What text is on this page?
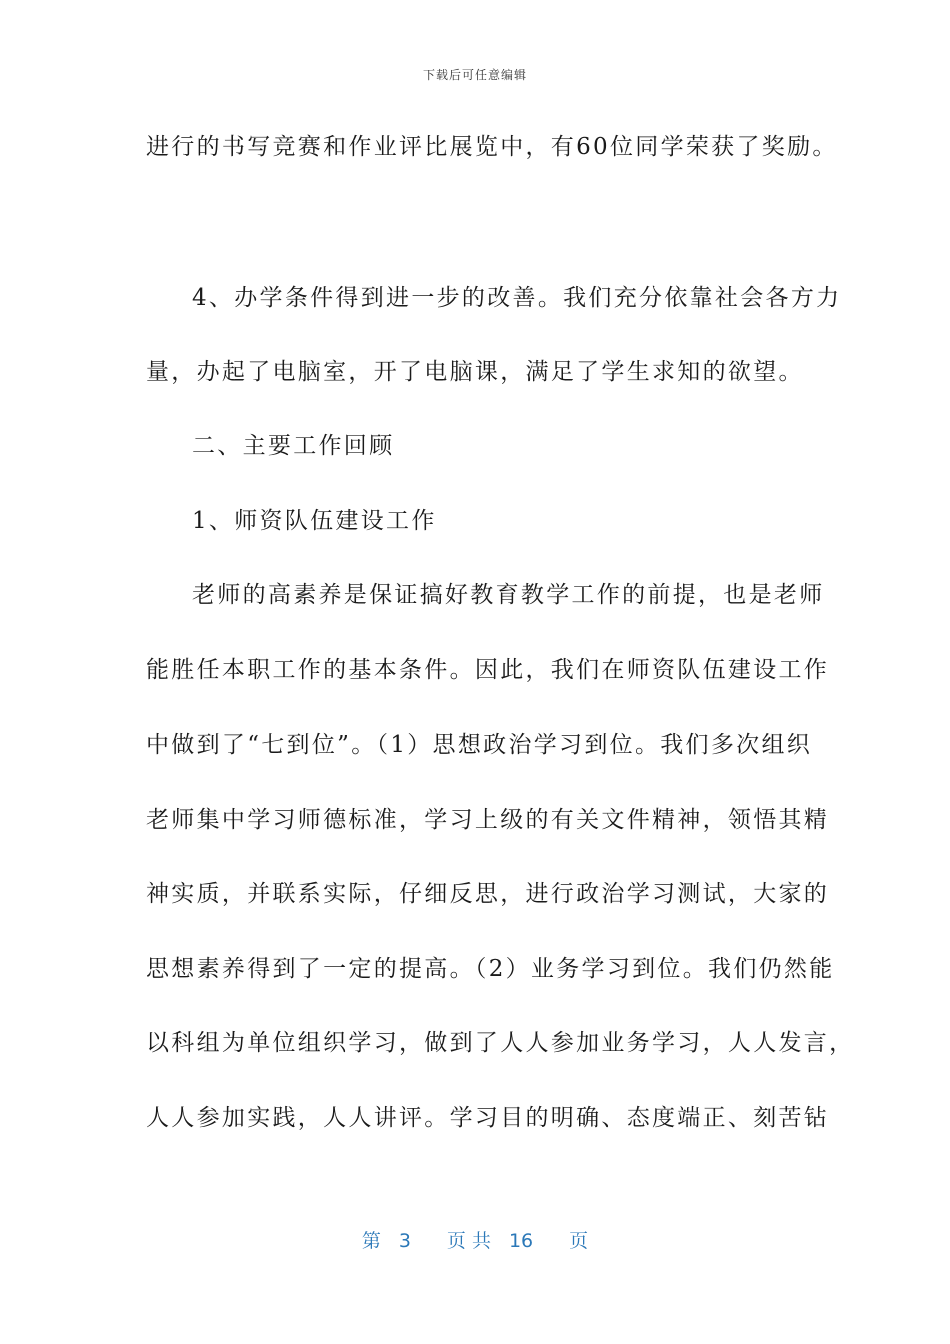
下载后可任意编辑
进行的书写竞赛和作业评比展览中，有60位同学荣获了奖励。
4、办学条件得到进一步的改善。我们充分依靠社会各方力
量，办起了电脑室，开了电脑课，满足了学生求知的欲望。
二、主要工作回顾
1、师资队伍建设工作
老师的高素养是保证搞好教育教学工作的前提，也是老师
能胜任本职工作的基本条件。因此，我们在师资队伍建设工作
中做到了“七到位”。（1）思想政治学习到位。我们多次组织
老师集中学习师德标准，学习上级的有关文件精神，领悟其精
神实质，并联系实际，仔细反思，进行政治学习测试，大家的
思想素养得到了一定的提高。（2）业务学习到位。我们仍然能
以科组为单位组织学习，做到了人人参加业务学习，人人发言，
人人参加实践，人人讲评。学习目的明确、态度端正、刻苦钻
第 3 页 共 16 页
